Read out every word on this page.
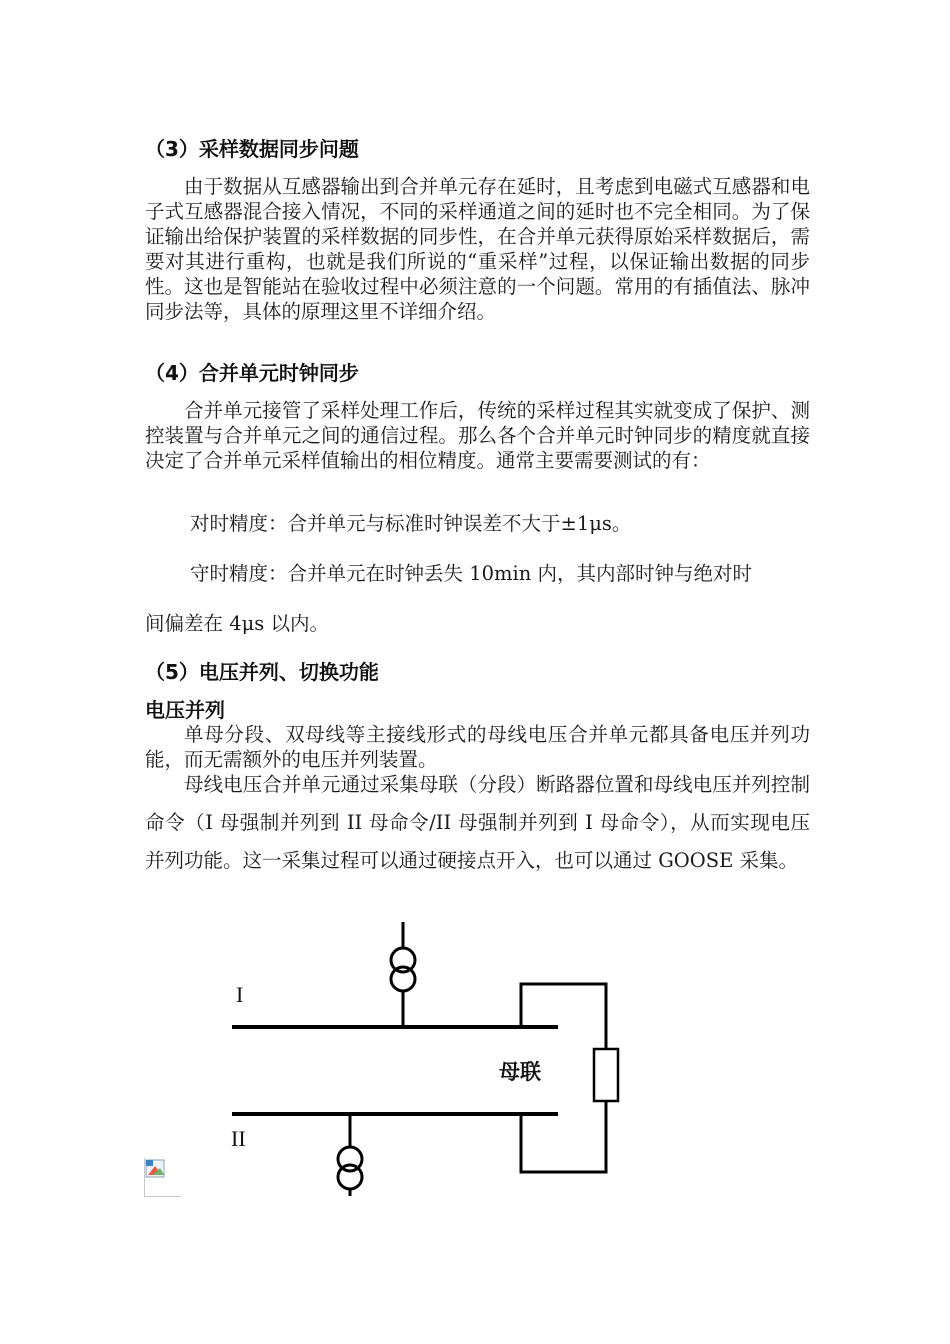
（3）采样数据同步问题

由于数据从互感器输出到合并单元存在延时，且考虑到电磁式互感器和电子式互感器混合接入情况，不同的采样通道之间的延时也不完全相同。为了保证输出给保护装置的采样数据的同步性，在合并单元获得原始采样数据后，需要对其进行重构，也就是我们所说的“重采样”过程，以保证输出数据的同步性。这也是智能站在验收过程中必须注意的一个问题。常用的有插值法、脉冲同步法等，具体的原理这里不详细介绍。

（4）合并单元时钟同步

合并单元接管了采样处理工作后，传统的采样过程其实就变成了保护、测控装置与合并单元之间的通信过程。那么各个合并单元时钟同步的精度就直接决定了合并单元采样值输出的相位精度。通常主要需要测试的有：

对时精度：合并单元与标准时钟误差不大于±1μs。
守时精度：合并单元在时钟丢失 10min 内，其内部时钟与绝对时
间偏差在 4μs 以内。
（5）电压并列、切换功能
电压并列

单母分段、双母线等主接线形式的母线电压合并单元都具备电压并列功能，而无需额外的电压并列装置。

母线电压合并单元通过采集母联（分段）断路器位置和母线电压并列控制命令（I 母强制并列到 II 母命令/II 母强制并列到 I 母命令），从而实现电压并列功能。这一采集过程可以通过硬接点开入，也可以通过 GOOSE 采集。

I
II
母联
